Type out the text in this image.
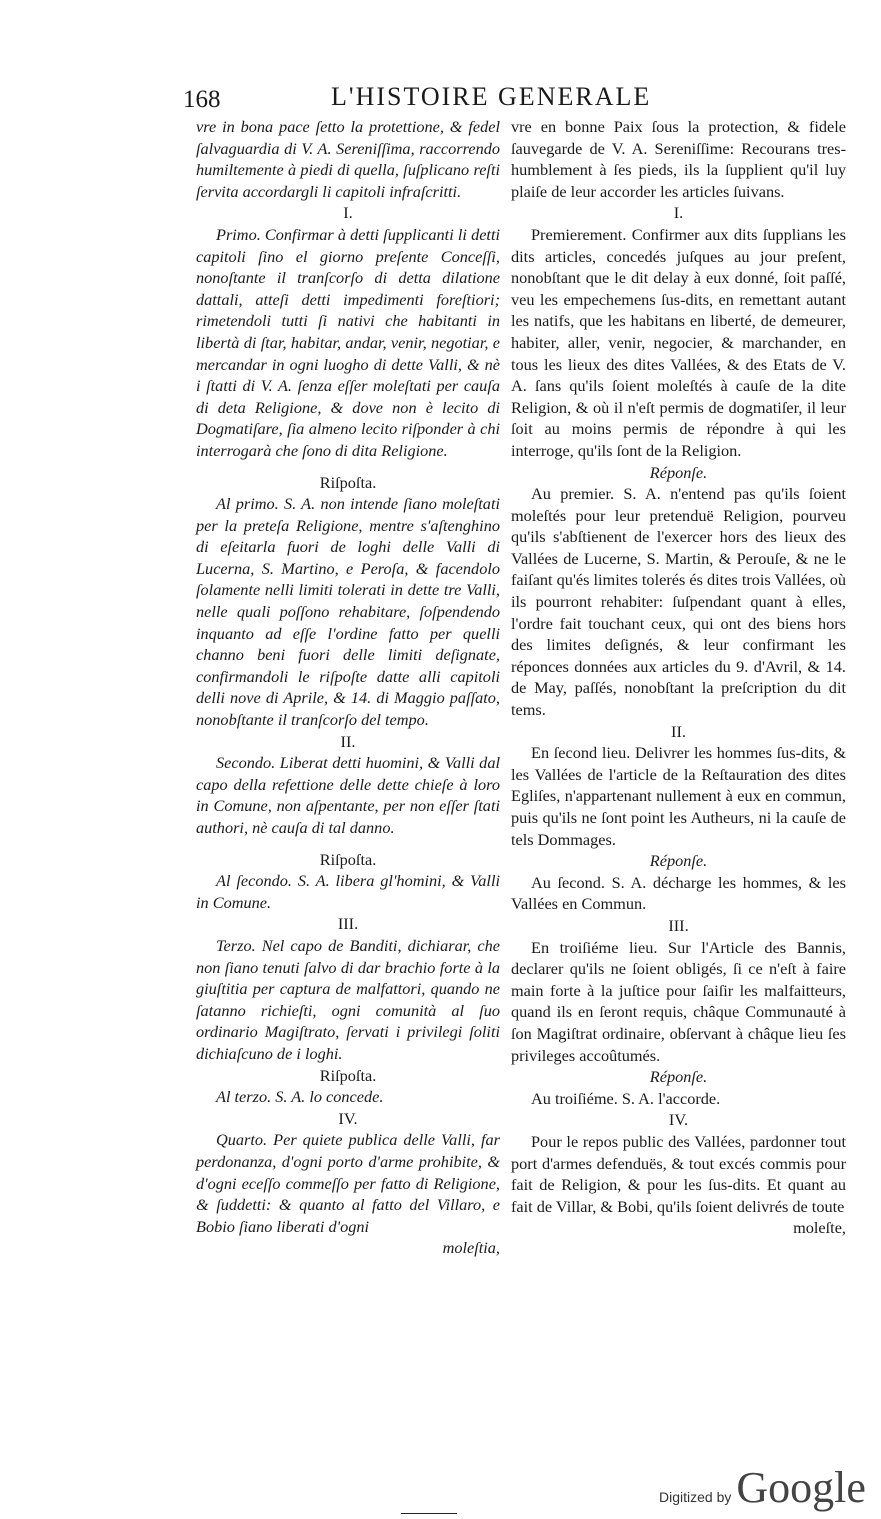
168	L'HISTOIRE GENERALE

vre in bona pace ſetto la protettione, & fedel ſalvaguardia di V. A. Sereniſſima, raccorrendo humiltemente à piedi di quella, ſuſplicano reſti ſervita accordargli li capitoli infraſcritti.

I.

Primo. Confirmar à detti ſupplicanti li detti capitoli ſino el giorno preſente Conceſſi, nonoſtante il tranſcorſo di detta dilatione dattali, atteſi detti impedimenti foreſtiori; rimetendoli tutti ſi nativi che habitanti in libertà di ſtar, habitar, andar, venir, negotiar, e mercandar in ogni luogho di dette Valli, & nè i ſtatti di V. A. ſenza eſſer moleſtati per cauſa di deta Religione, & dove non è lecito di Dogmatiſare, ſia almeno lecito riſponder à chi interrogarà che ſono di dita Religione.

Riſpoſta.

Al primo. S. A. non intende ſiano moleſtati per la preteſa Religione, mentre s'aſtenghino di eſeitarla fuori de loghi delle Valli di Lucerna, S. Martino, e Peroſa, & facendolo ſolamente nelli limiti tolerati in dette tre Valli, nelle quali poſſono rehabitare, ſoſpendendo inquanto ad eſſe l'ordine fatto per quelli channo beni fuori delle limiti deſignate, confirmandoli le riſpoſte datte alli capitoli delli nove di Aprile, & 14. di Maggio paſſato, nonobſtante il tranſcorſo del tempo.

II.

Secondo. Liberat detti huomini, & Valli dal capo della refettione delle dette chieſe à loro in Comune, non aſpentante, per non eſſer ſtati authori, nè cauſa di tal danno.

Riſpoſta.

Al ſecondo. S. A. libera gl'homini, & Valli in Comune.

III.

Terzo. Nel capo de Banditi, dichiarar, che non ſiano tenuti ſalvo di dar brachio forte à la giuſtitia per captura de malfattori, quando ne ſatanno richieſti, ogni comunità al ſuo ordinario Magiſtrato, ſervati i privilegi ſoliti dichiaſcuno de i loghi.

Riſpoſta.

Al terzo. S. A. lo concede.

IV.

Quarto. Per quiete publica delle Valli, far perdonanza, d'ogni porto d'arme prohibite, & d'ogni eceſſo commeſſo per fatto di Religione, & ſuddetti: & quanto al fatto del Villaro, e Bobio ſiano liberati d'ogni

moleſtia,

vre en bonne Paix ſous la protection, & fidele ſauvegarde de V. A. Sereniſſime: Recourans tres-humblement à ſes pieds, ils la ſupplient qu'il luy plaiſe de leur accorder les articles ſuivans.

I.

Premierement. Confirmer aux dits ſupplians les dits articles, concedés juſques au jour preſent, nonobſtant que le dit delay à eux donné, ſoit paſſé, veu les empechemens ſus-dits, en remettant autant les natifs, que les habitans en liberté, de demeurer, habiter, aller, venir, negocier, & marchander, en tous les lieux des dites Vallées, & des Etats de V. A. ſans qu'ils ſoient moleſtés à cauſe de la dite Religion, & où il n'eſt permis de dogmatiſer, il leur ſoit au moins permis de répondre à qui les interroge, qu'ils ſont de la Religion.

Réponſe.

Au premier. S. A. n'entend pas qu'ils ſoient moleſtés pour leur pretenduë Religion, pourveu qu'ils s'abſtienent de l'exercer hors des lieux des Vallées de Lucerne, S. Martin, & Perouſe, & ne le faiſant qu'és limites tolerés és dites trois Vallées, où ils pourront rehabiter: ſuſpendant quant à elles, l'ordre fait touchant ceux, qui ont des biens hors des limites deſignés, & leur confirmant les réponces données aux articles du 9. d'Avril, & 14. de May, paſſés, nonobſtant la preſcription du dit tems.

II.

En ſecond lieu. Delivrer les hommes ſus-dits, & les Vallées de l'article de la Reſtauration des dites Egliſes, n'appartenant nullement à eux en commun, puis qu'ils ne ſont point les Autheurs, ni la cauſe de tels Dommages.

Réponſe.

Au ſecond. S. A. décharge les hommes, & les Vallées en Commun.

III.

En troiſiéme lieu. Sur l'Article des Bannis, declarer qu'ils ne ſoient obligés, ſi ce n'eſt à faire main forte à la juſtice pour ſaiſir les malfaitteurs, quand ils en ſeront requis, châque Communauté à ſon Magiſtrat ordinaire, obſervant à châque lieu ſes privileges accoûtumés.

Réponſe.

Au troiſiéme. S. A. l'accorde.

IV.

Pour le repos public des Vallées, pardonner tout port d'armes defenduës, & tout excés commis pour fait de Religion, & pour les ſus-dits. Et quant au fait de Villar, & Bobi, qu'ils ſoient delivrés de toute

moleſte,

Digitized by Google
